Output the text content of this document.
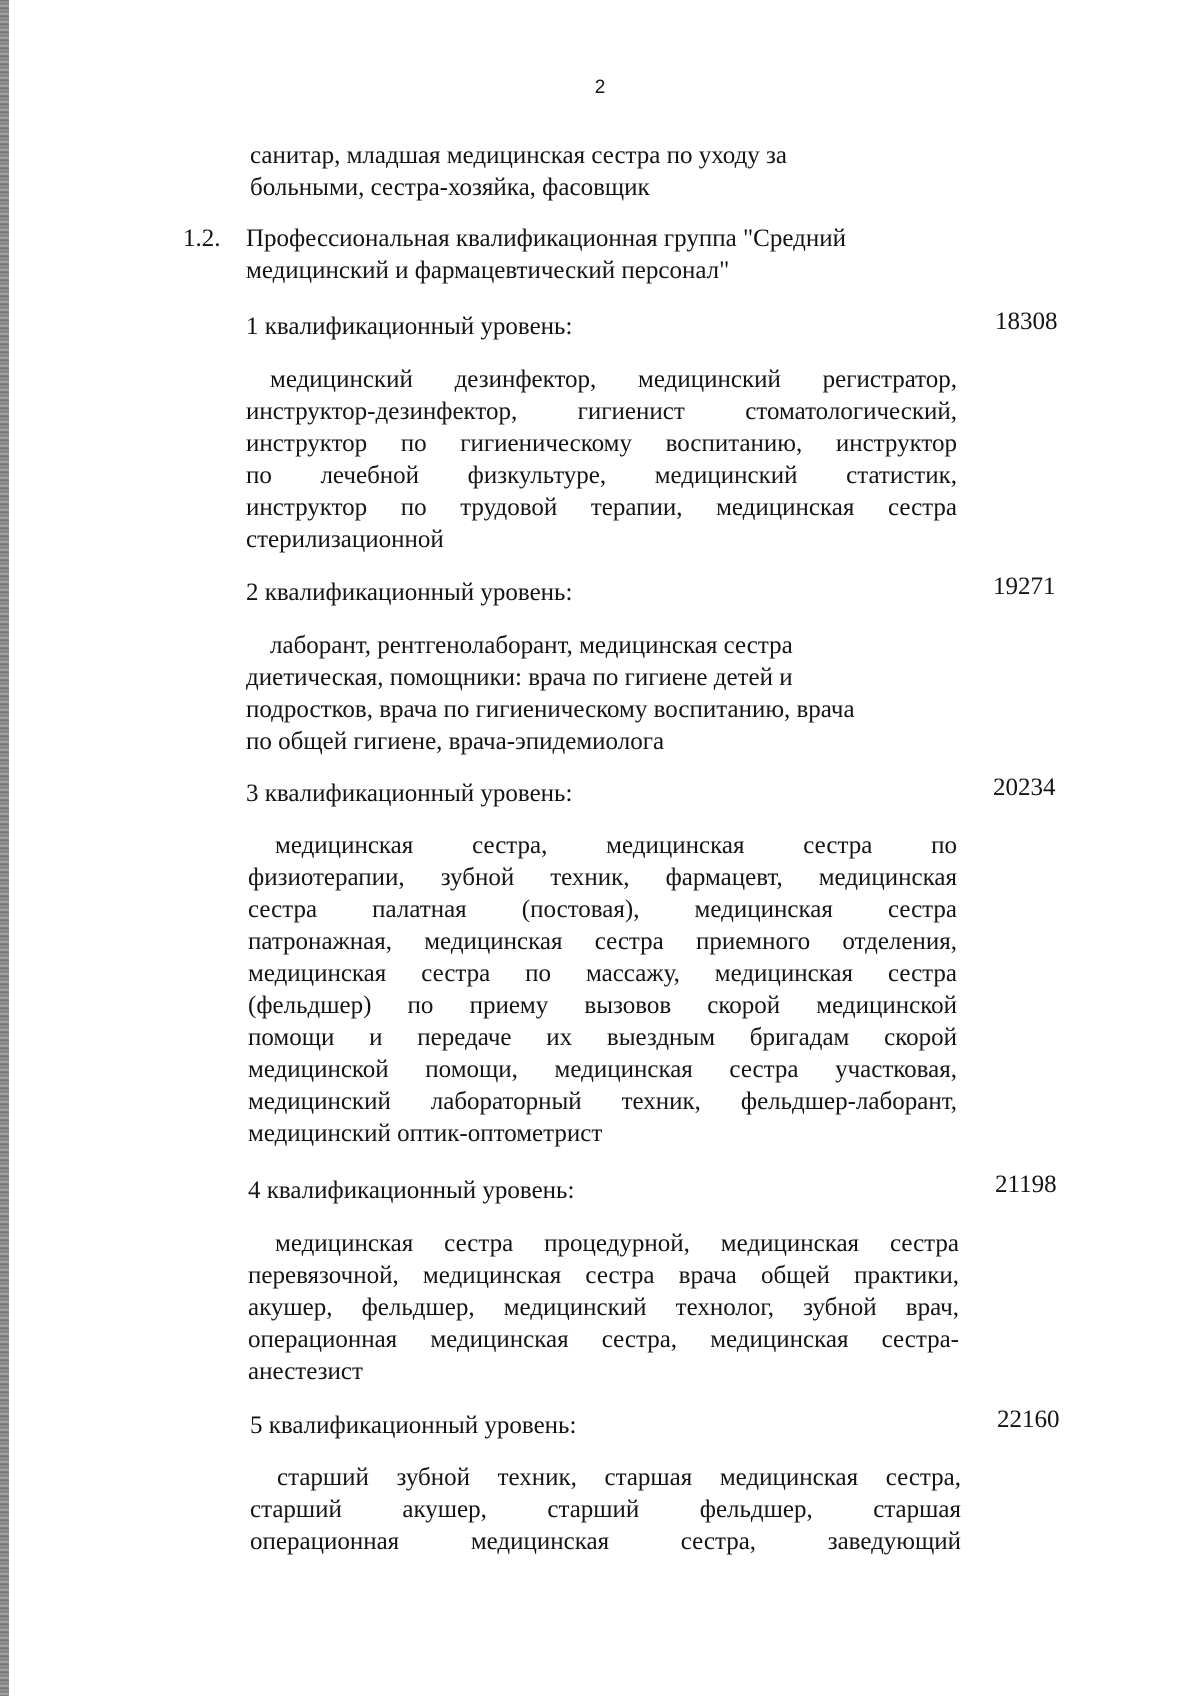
2
санитар, младшая медицинская сестра по уходу за
больными, сестра-хозяйка, фасовщик
1.2. Профессиональная квалификационная группа "Средний
медицинский и фармацевтический персонал"
1 квалификационный уровень:	18308
медицинский дезинфектор, медицинский регистратор,
инструктор-дезинфектор, гигиенист стоматологический,
инструктор по гигиеническому воспитанию, инструктор
по лечебной физкультуре, медицинский статистик,
инструктор по трудовой терапии, медицинская сестра
стерилизационной
2 квалификационный уровень:	19271
лаборант, рентгенолаборант, медицинская сестра
диетическая, помощники: врача по гигиене детей и
подростков, врача по гигиеническому воспитанию, врача
по общей гигиене, врача-эпидемиолога
3 квалификационный уровень:	20234
медицинская сестра, медицинская сестра по
физиотерапии, зубной техник, фармацевт, медицинская
сестра палатная (постовая), медицинская сестра
патронажная, медицинская сестра приемного отделения,
медицинская сестра по массажу, медицинская сестра
(фельдшер) по приему вызовов скорой медицинской
помощи и передаче их выездным бригадам скорой
медицинской помощи, медицинская сестра участковая,
медицинский лабораторный техник, фельдшер-лаборант,
медицинский оптик-оптометрист
4 квалификационный уровень:	21198
медицинская сестра процедурной, медицинская сестра
перевязочной, медицинская сестра врача общей практики,
акушер, фельдшер, медицинский технолог, зубной врач,
операционная медицинская сестра, медицинская сестра-
анестезист
5 квалификационный уровень:	22160
старший зубной техник, старшая медицинская сестра,
старший акушер, старший фельдшер, старшая
операционная медицинская сестра, заведующий
